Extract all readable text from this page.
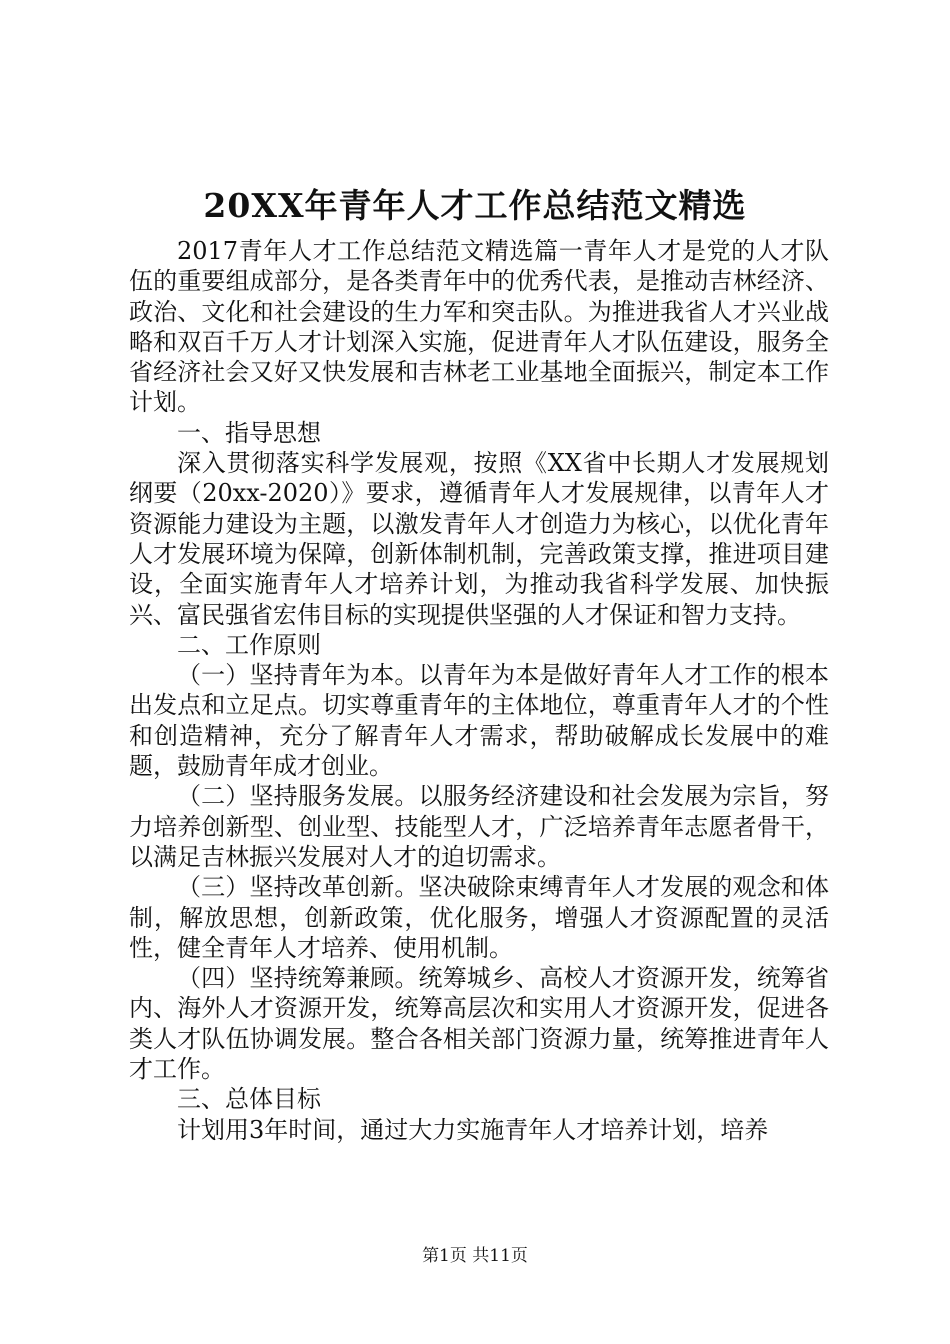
20XX年青年人才工作总结范文精选

2017青年人才工作总结范文精选篇一青年人才是党的人才队伍的重要组成部分，是各类青年中的优秀代表，是推动吉林经济、政治、文化和社会建设的生力军和突击队。为推进我省人才兴业战略和双百千万人才计划深入实施，促进青年人才队伍建设，服务全省经济社会又好又快发展和吉林老工业基地全面振兴，制定本工作计划。

一、指导思想

深入贯彻落实科学发展观，按照《XX省中长期人才发展规划纲要（20xx-2020）》要求，遵循青年人才发展规律，以青年人才资源能力建设为主题，以激发青年人才创造力为核心，以优化青年人才发展环境为保障，创新体制机制，完善政策支撑，推进项目建设，全面实施青年人才培养计划，为推动我省科学发展、加快振兴、富民强省宏伟目标的实现提供坚强的人才保证和智力支持。

二、工作原则

（一）坚持青年为本。以青年为本是做好青年人才工作的根本出发点和立足点。切实尊重青年的主体地位，尊重青年人才的个性和创造精神，充分了解青年人才需求，帮助破解成长发展中的难题，鼓励青年成才创业。

（二）坚持服务发展。以服务经济建设和社会发展为宗旨，努力培养创新型、创业型、技能型人才，广泛培养青年志愿者骨干，以满足吉林振兴发展对人才的迫切需求。

（三）坚持改革创新。坚决破除束缚青年人才发展的观念和体制，解放思想，创新政策，优化服务，增强人才资源配置的灵活性，健全青年人才培养、使用机制。

（四）坚持统筹兼顾。统筹城乡、高校人才资源开发，统筹省内、海外人才资源开发，统筹高层次和实用人才资源开发，促进各类人才队伍协调发展。整合各相关部门资源力量，统筹推进青年人才工作。

三、总体目标

计划用3年时间，通过大力实施青年人才培养计划，培养

第1页 共11页
